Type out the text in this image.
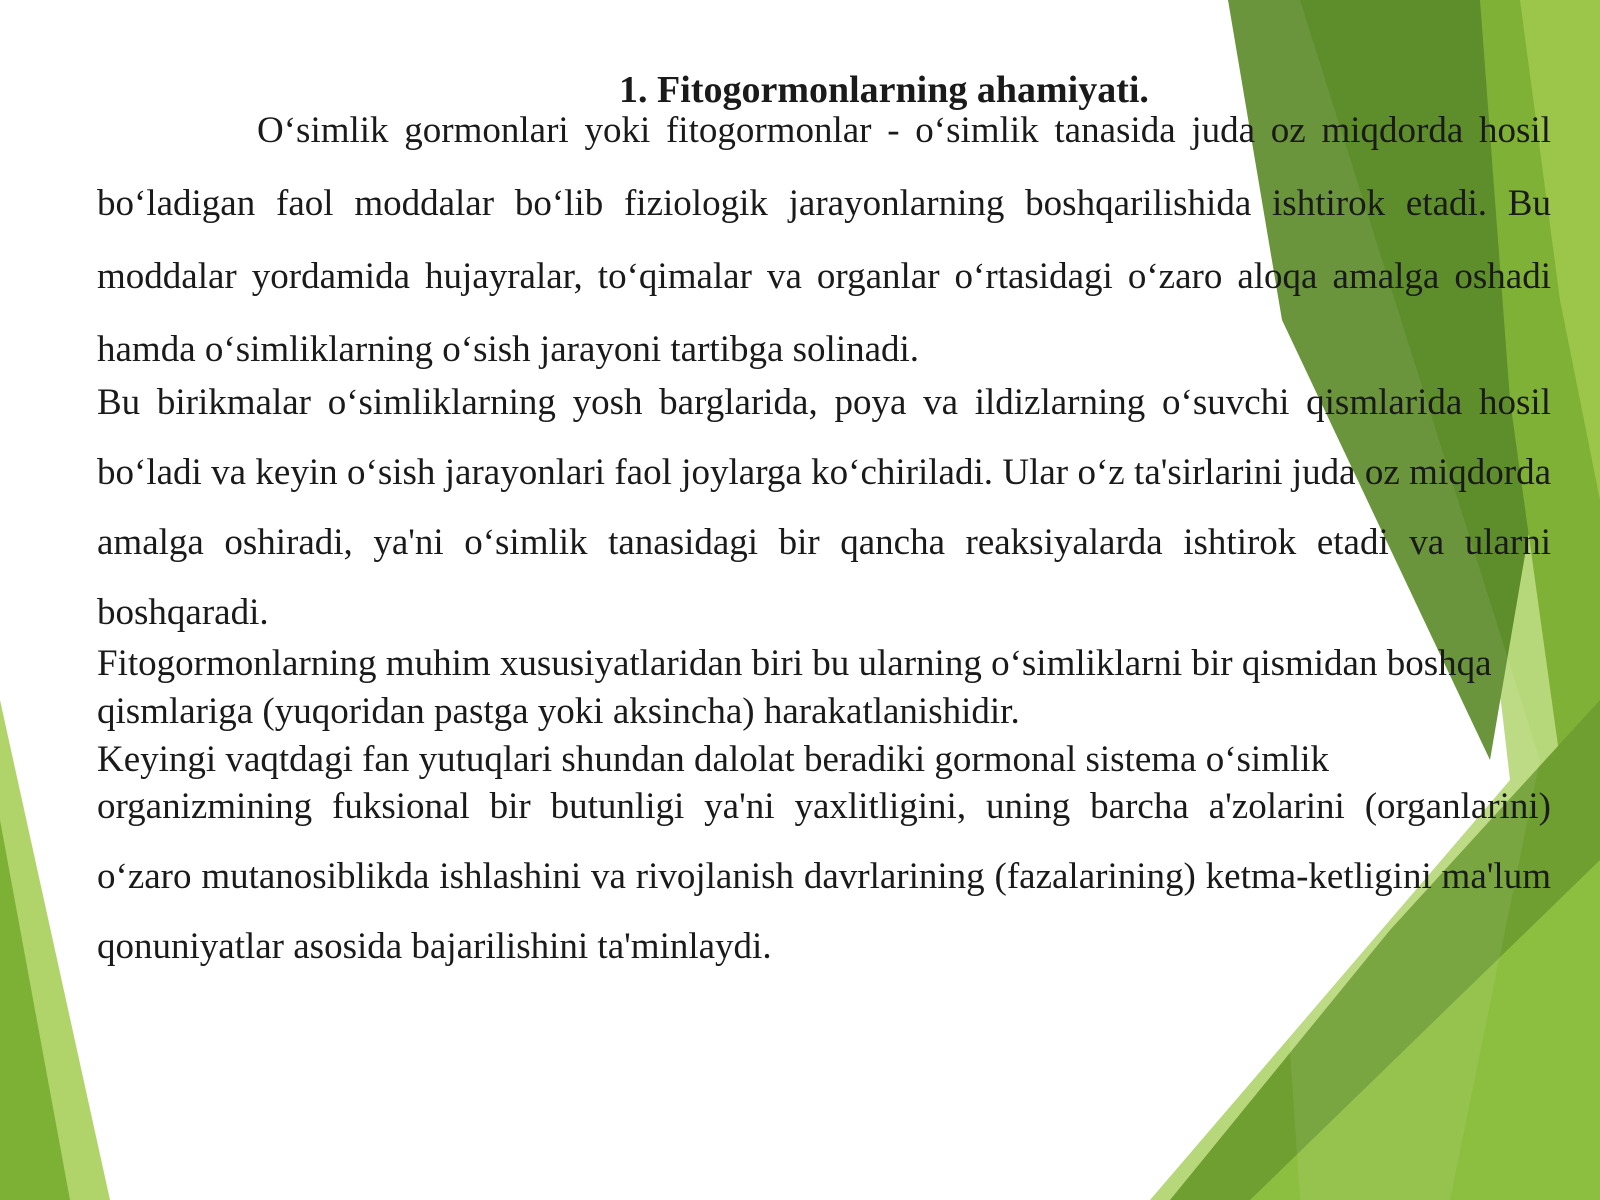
1. Fitogormonlarning ahamiyati.

O‘simlik gormonlari yoki fitogormonlar - o‘simlik tanasida juda oz miqdorda hosil bo‘ladigan faol moddalar bo‘lib fiziologik jarayonlarning boshqarilishida ishtirok etadi. Bu moddalar yordamida hujayralar, to‘qimalar va organlar o‘rtasidagi o‘zaro aloqa amalga oshadi hamda o‘simliklarning o‘sish jarayoni tartibga solinadi.

Bu birikmalar o‘simliklarning yosh barglarida, poya va ildizlarning o‘suvchi qismlarida hosil bo‘ladi va keyin o‘sish jarayonlari faol joylarga ko‘chiriladi. Ular o‘z ta'sirlarini juda oz miqdorda amalga oshiradi, ya'ni o‘simlik tanasidagi bir qancha reaksiyalarda ishtirok etadi va ularni boshqaradi.

Fitogormonlarning muhim xususiyatlaridan biri bu ularning o‘simliklarni bir qismidan boshqa qismlariga (yuqoridan pastga yoki aksincha) harakatlanishidir.

Keyingi vaqtdagi fan yutuqlari shundan dalolat beradiki gormonal sistema o‘simlik

organizmining fuksional bir butunligi ya'ni yaxlitligini, uning barcha a'zolarini (organlarini) o‘zaro mutanosiblikda ishlashini va rivojlanish davrlarining (fazalarining) ketma-ketligini ma'lum qonuniyatlar asosida bajarilishini ta'minlaydi.
